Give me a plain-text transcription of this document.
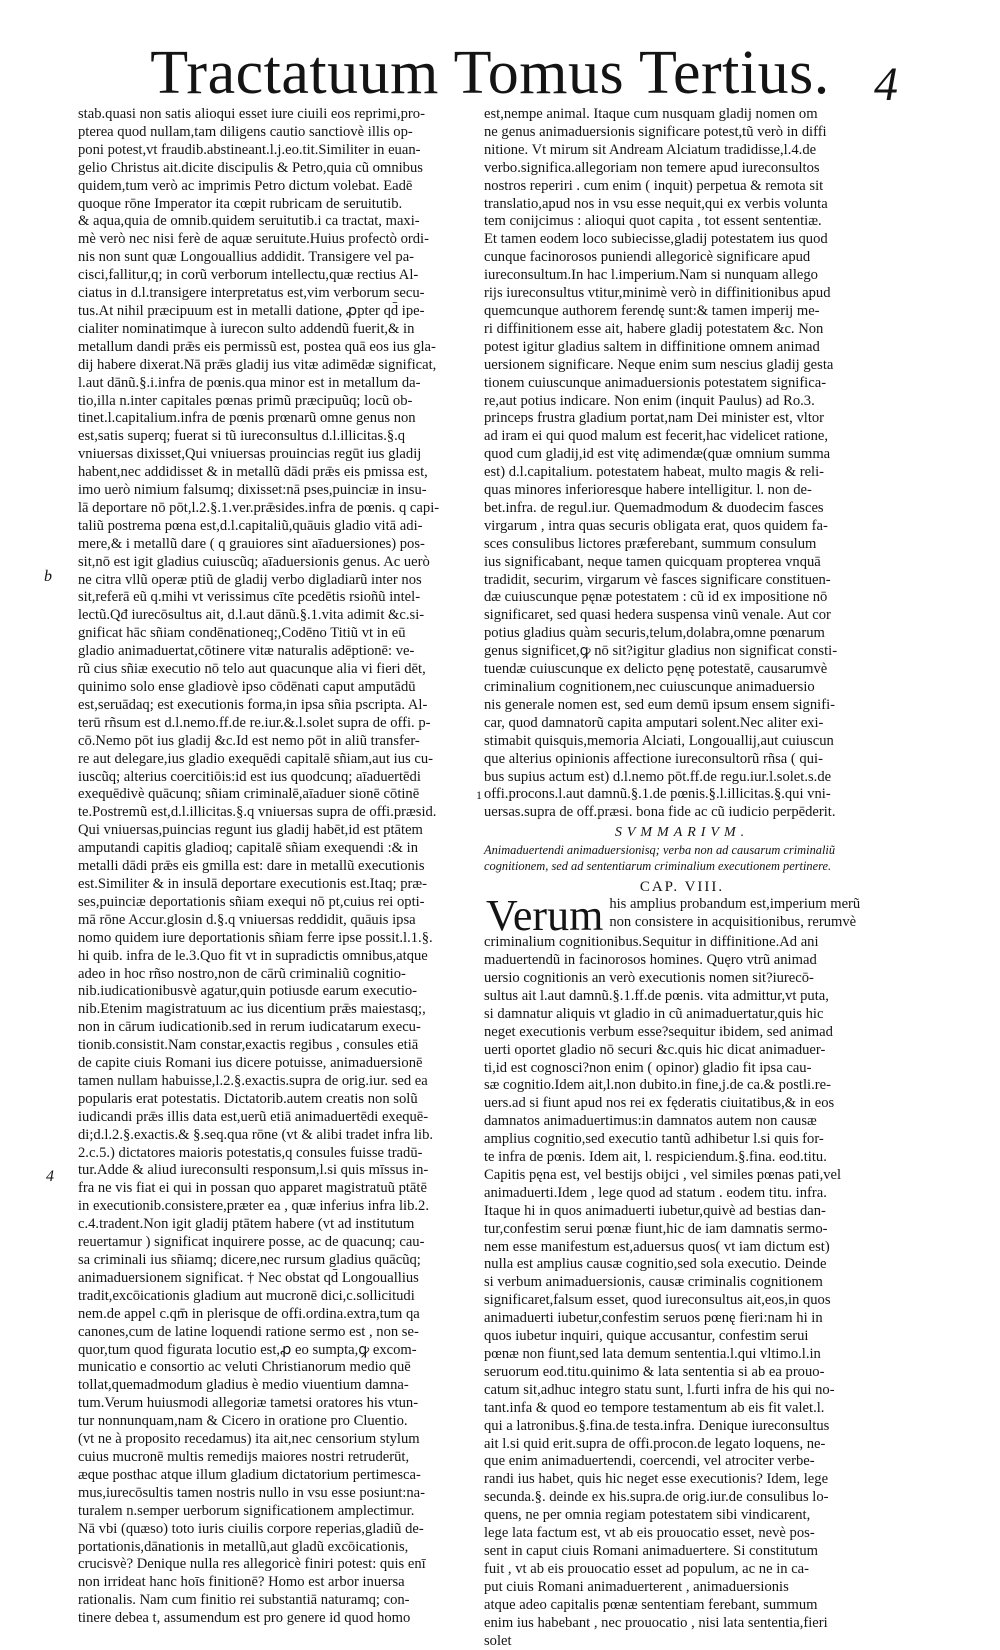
Tractatuum Tomus Tertius. 4
b
4
1
stab.quasi non satis alioqui esset iure ciuili eos reprimi,pro-
pterea quod nullam,tam diligens cautio sanctiovè illis op-
poni potest,vt fraudib.abstineant.l.j.eo.tit.Similiter in euan-
gelio Christus ait.dicite discipulis & Petro,quia cũ omnibus
quidem,tum verò ac imprimis Petro dictum volebat. Eadē
quoque rōne Imperator ita cœpit rubricam de seruitutib.
& aqua,quia de omnib.quidem seruitutib.i ca tractat, maxi-
mè verò nec nisi ferè de aquæ seruitute.Huius profectò ordi-
nis non sunt quæ Longouallius addidit. Transigere vel pa-
cisci,fallitur,q; in corũ verborum intellectu,quæ rectius Al-
ciatus in d.l.transigere interpretatus est,vim verborum secu-
tus.At nihil præcipuum est in metalli datione, ꝓpter qd̄ ipe-
cialiter nominatimque à iurecon sulto addendũ fuerit,& in
metallum dandi prǣs eis permissũ est, postea quā eos ius gla-
dij habere dixerat.Nā prǣs gladij ius vitæ adimēdæ significat,
l.aut dānũ.§.i.infra de pœnis.qua minor est in metallum da-
tio,illa n.inter capitales pœnas primũ præcipuũq; locũ ob-
tinet.l.capitalium.infra de pœnis prœnarũ omne genus non
est,satis superq; fuerat si tũ iureconsultus d.l.illicitas.§.q
vniuersas dixisset,Qui vniuersas prouincias regūt ius gladij
habent,nec addidisset & in metallũ dādi prǣs eis pmissa est,
imo uerò nimium falsumq; dixisset:nā pses,puinciæ in insu-
lā deportare nō pōt,l.2.§.1.ver.prǣsides.infra de pœnis. q capi-
taliũ postrema pœna est,d.l.capitaliũ,quāuis gladio vitā adi-
mere,& i metallũ dare ( q grauiores sint aīaduersiones) pos-
sit,nō est igit gladius cuiuscũq; aīaduersionis genus. Ac uerò
ne citra vllũ operæ ptiũ de gladij verbo digladiarũ inter nos
sit,referā eũ q.mihi vt verissimus cīte pcedētis rsioñũ intel-
lectũ.Qđ iurecōsultus ait, d.l.aut dānũ.§.1.vita adimit &c.si-
gnificat hāc sñiam condēnationeq;,Codēno Titiũ vt in eū
gladio animaduertat,cōtinere vitæ naturalis adēptionē: ve-
rũ cius sñiæ executio nō telo aut quacunque alia vi fieri dēt,
quinimo solo ense gladiovè ipso cōdēnati caput amputādū
est,seruādaq; est executionis forma,in ipsa sñia pscripta. Al-
terū rñsum est d.l.nemo.ff.de re.iur.&.l.solet supra de offi. p-
cō.Nemo pōt ius gladij &c.Id est nemo pōt in aliũ transfer-
re aut delegare,ius gladio exequēdi capitalē sñiam,aut ius cu-
iuscũq; alterius coercitiōis:id est ius quodcunq; aīaduertēdi
exequēdivè quācunq; sñiam criminalē,aīaduer sionē cōtinē
te.Postremũ est,d.l.illicitas.§.q vniuersas supra de offi.præsid.
Qui vniuersas,puincias regunt ius gladij habēt,id est ptātem
amputandi capitis gladioq; capitalē sñiam exequendi :& in
metalli dādi prǣs eis gmilla est: dare in metallũ executionis
est.Similiter & in insulā deportare executionis est.Itaq; præ-
ses,puinciæ deportationis sñiam exequi nō pt,cuius rei opti-
mā rōne Accur.glosin d.§.q vniuersas reddidit, quāuis ipsa
nomo quidem iure deportationis sñiam ferre ipse possit.l.1.§.
hi quib. infra de le.3.Quo fit vt in supradictis omnibus,atque
adeo in hoc rñso nostro,non de cārũ criminaliũ cognitio-
nib.iudicationibusvè agatur,quin potiusde earum executio-
nib.Etenim magistratuum ac ius dicentium prǣs maiestasq;,
non in cārum iudicationib.sed in rerum iudicatarum execu-
tionib.consistit.Nam constar,exactis regibus , consules etiā
de capite ciuis Romani ius dicere potuisse, animaduersionē
tamen nullam habuisse,l.2.§.exactis.supra de orig.iur. sed ea
popularis erat potestatis. Dictatorib.autem creatis non solũ
iudicandi prǣs illis data est,uerũ etiā animaduertēdi exequē-
di;d.l.2.§.exactis.& §.seq.qua rōne (vt & alibi tradet infra lib.
2.c.5.) dictatores maioris potestatis,q consules fuisse tradū-
tur.Adde & aliud iureconsulti responsum,l.si quis mīssus in-
fra ne vis fiat ei qui in possan quo apparet magistratuũ ptātē
in executionib.consistere,præter ea , quæ inferius infra lib.2.
c.4.tradent.Non igit gladij ptātem habere (vt ad institutum
reuertamur ) significat inquirere posse, ac de quacunq; cau-
sa criminali ius sñiamq; dicere,nec rursum gladius quācũq;
animaduersionem significat. † Nec obstat qd̄ Longouallius
tradit,excōicationis gladium aut mucronē dici,c.sollicitudi
nem.de appel c.qm̄ in plerisque de offi.ordina.extra,tum qa
canones,cum de latine loquendi ratione sermo est , non se-
quor,tum quod figurata locutio est,ꝓ eo sumpta,ꝙ excom-
municatio e consortio ac veluti Christianorum medio quē
tollat,quemadmodum gladius è medio viuentium damna-
tum.Verum huiusmodi allegoriæ tametsi oratores his vtun-
tur nonnunquam,nam & Cicero in oratione pro Cluentio.
(vt ne à proposito recedamus) ita ait,nec censorium stylum
cuius mucronē multis remedijs maiores nostri retruderūt,
æque posthac atque illum gladium dictatorium pertimesca-
mus,iurecōsultis tamen nostris nullo in vsu esse posiunt:na-
turalem n.semper uerborum significationem amplectimur.
Nā vbi (quæso) toto iuris ciuilis corpore reperias,gladiũ de-
portationis,dānationis in metallũ,aut gladũ excōicationis,
crucisvè? Denique nulla res allegoricè finiri potest: quis enī
non irrideat hanc hoīs finitionē? Homo est arbor inuersa
rationalis. Nam cum finitio rei substantiā naturamq; con-
tinere debea t, assumendum est pro genere id quod homo
est,nempe animal. Itaque cum nusquam gladij nomen om
ne genus animaduersionis significare potest,tũ verò in diffi
nitione. Vt mirum sit Andream Alciatum tradidisse,l.4.de
verbo.significa.allegoriam non temere apud iureconsultos
nostros reperiri . cum enim ( inquit) perpetua & remota sit
translatio,apud nos in vsu esse nequit,qui ex verbis volunta
tem conijcimus : alioqui quot capita , tot essent sententiæ.
Et tamen eodem loco subiecisse,gladij potestatem ius quod
cunque facinorosos puniendi allegoricè significare apud
iureconsultum.In hac l.imperium.Nam si nunquam allego
rijs iureconsultus vtitur,minimè verò in diffinitionibus apud
quemcunque authorem ferendę sunt:& tamen imperij me-
ri diffinitionem esse ait, habere gladij potestatem &c. Non
potest igitur gladius saltem in diffinitione omnem animad
uersionem significare. Neque enim sum nescius gladij gesta
tionem cuiuscunque animaduersionis potestatem significa-
re,aut potius indicare. Non enim (inquit Paulus) ad Ro.3.
princeps frustra gladium portat,nam Dei minister est, vltor
ad iram ei qui quod malum est fecerit,hac videlicet ratione,
quod cum gladij,id est vitę adimendæ(quæ omnium summa
est) d.l.capitalium. potestatem habeat, multo magis & reli-
quas minores inferioresque habere intelligitur. l. non de-
bet.infra. de regul.iur. Quemadmodum & duodecim fasces
virgarum , intra quas securis obligata erat, quos quidem fa-
sces consulibus lictores præferebant, summum consulum
ius significabant, neque tamen quicquam propterea vnquā
tradidit, securim, virgarum vè fasces significare constituen-
dæ cuiuscunque pęnæ potestatem : cũ id ex impositione nō
significaret, sed quasi hedera suspensa vinũ venale. Aut cor
potius gladius quàm securis,telum,dolabra,omne pœnarum
genus significet,ꝙ nō sit?igitur gladius non significat consti-
tuendæ cuiuscunque ex delicto pęnę potestatē, causarumvè
criminalium cognitionem,nec cuiuscunque animaduersio
nis generale nomen est, sed eum demū ipsum ensem signifi-
car, quod damnatorũ capita amputari solent.Nec aliter exi-
stimabit quisquis,memoria Alciati, Longouallij,aut cuiuscun
que alterius opinionis affectione iureconsultorũ rñsa ( qui-
bus supius actum est) d.l.nemo pōt.ff.de regu.iur.l.solet.s.de
offi.procons.l.aut damnũ.§.1.de pœnis.§.l.illicitas.§.qui vni-
uersas.supra de off.præsi. bona fide ac cũ iudicio perpēderit.
SVMMARIVM.
Animaduertendi animaduersionisq; verba non ad causarum criminaliũ
cognitionem, sed ad sententiarum criminalium executionem pertinere.
CAP. VIII.
Verum his amplius probandum est,imperium merũ
non consistere in acquisitionibus, rerumvè
criminalium cognitionibus.Sequitur in diffinitione.Ad ani
maduertendũ in facinorosos homines. Quęro vtrũ animad
uersio cognitionis an verò executionis nomen sit?iurecō-
sultus ait l.aut damnũ.§.1.ff.de pœnis. vita admittur,vt puta,
si damnatur aliquis vt gladio in cũ animaduertatur,quis hic
neget executionis verbum esse?sequitur ibidem, sed animad
uerti oportet gladio nō securi &c.quis hic dicat animaduer-
ti,id est cognosci?non enim ( opinor) gladio fit ipsa cau-
sæ cognitio.Idem ait,l.non dubito.in fine,j.de ca.& postli.re-
uers.ad si fiunt apud nos rei ex fęderatis ciuitatibus,& in eos
damnatos animaduertimus:in damnatos autem non causæ
amplius cognitio,sed executio tantũ adhibetur l.si quis for-
te infra de pœnis. Idem ait, l. respiciendum.§.fina. eod.titu.
Capitis pęna est, vel bestijs obijci , vel similes pœnas pati,vel
animaduerti.Idem , lege quod ad statum . eodem titu. infra.
Itaque hi in quos animaduerti iubetur,quivè ad bestias dan-
tur,confestim serui pœnæ fiunt,hic de iam damnatis sermo-
nem esse manifestum est,aduersus quos( vt iam dictum est)
nulla est amplius causæ cognitio,sed sola executio. Deinde
si verbum animaduersionis, causæ criminalis cognitionem
significaret,falsum esset, quod iureconsultus ait,eos,in quos
animaduerti iubetur,confestim seruos pœnę fieri:nam hi in
quos iubetur inquiri, quique accusantur, confestim serui
pœnæ non fiunt,sed lata demum sententia.l.qui vltimo.l.in
seruorum eod.titu.quinimo & lata sententia si ab ea prouo-
catum sit,adhuc integro statu sunt, l.furti infra de his qui no-
tant.infa & quod eo tempore testamentum ab eis fit valet.l.
qui a latronibus.§.fina.de testa.infra. Denique iureconsultus
ait l.si quid erit.supra de offi.procon.de legato loquens, ne-
que enim animaduertendi, coercendi, vel atrociter verbe-
randi ius habet, quis hic neget esse executionis? Idem, lege
secunda.§. deinde ex his.supra.de orig.iur.de consulibus lo-
quens, ne per omnia regiam potestatem sibi vindicarent,
lege lata factum est, vt ab eis prouocatio esset, nevè pos-
sent in caput ciuis Romani animaduertere. Si constitutum
fuit , vt ab eis prouocatio esset ad populum, ac ne in ca-
put ciuis Romani animaduerterent , animaduersionis
atque adeo capitalis pœnæ sententiam ferebant, summum
enim ius habebant , nec prouocatio , nisi lata sententia,fieri
solet
